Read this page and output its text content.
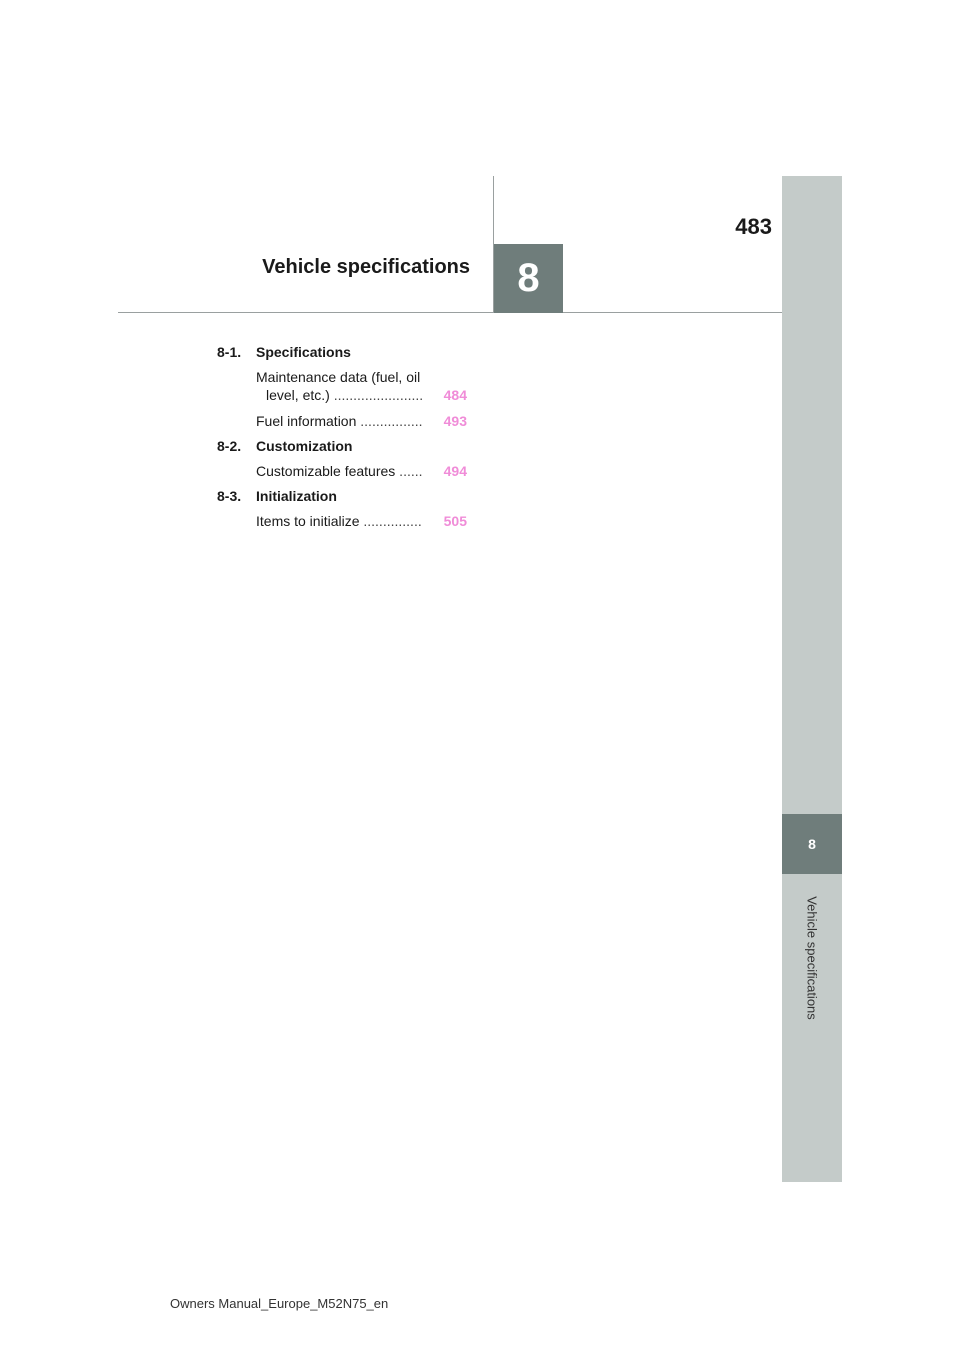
483
Vehicle specifications 8
8
Vehicle specifications
8-1.	Specifications
Maintenance data (fuel, oil
level, etc.) .......................	484
Fuel information ................	493
8-2.	Customization
Customizable features ......	494
8-3.	Initialization
Items to initialize ...............	505
Owners Manual_Europe_M52N75_en
